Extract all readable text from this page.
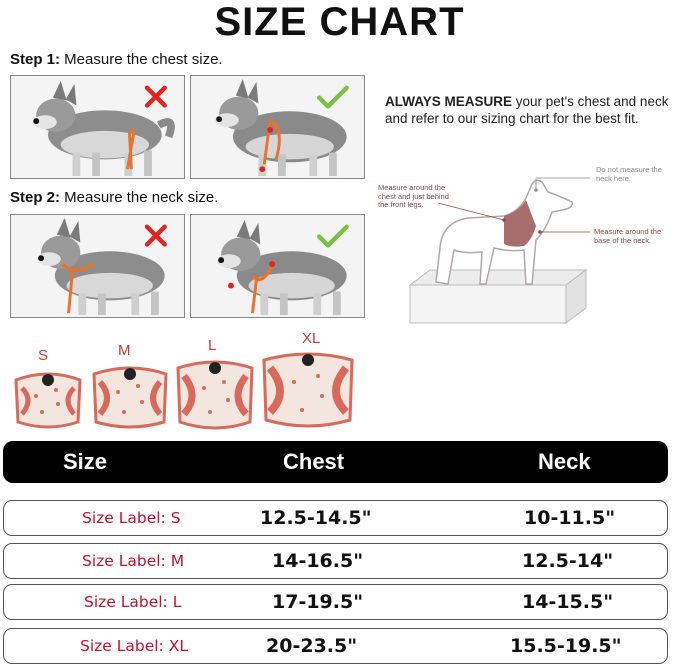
SIZE CHART
Step 1: Measure the chest size.
Step 2: Measure the neck size.
ALWAYS MEASURE your pet's chest and neck and refer to our sizing chart for the best fit.
Do not measure the neck here.
Measure around the chest and just behind the front legs.
Measure around the base of the neck.
S	M	L	XL
Size	Chest	Neck
Size Label: S	12.5-14.5"	10-11.5"
Size Label: M	14-16.5"	12.5-14"
Size Label: L	17-19.5"	14-15.5"
Size Label: XL	20-23.5"	15.5-19.5"
